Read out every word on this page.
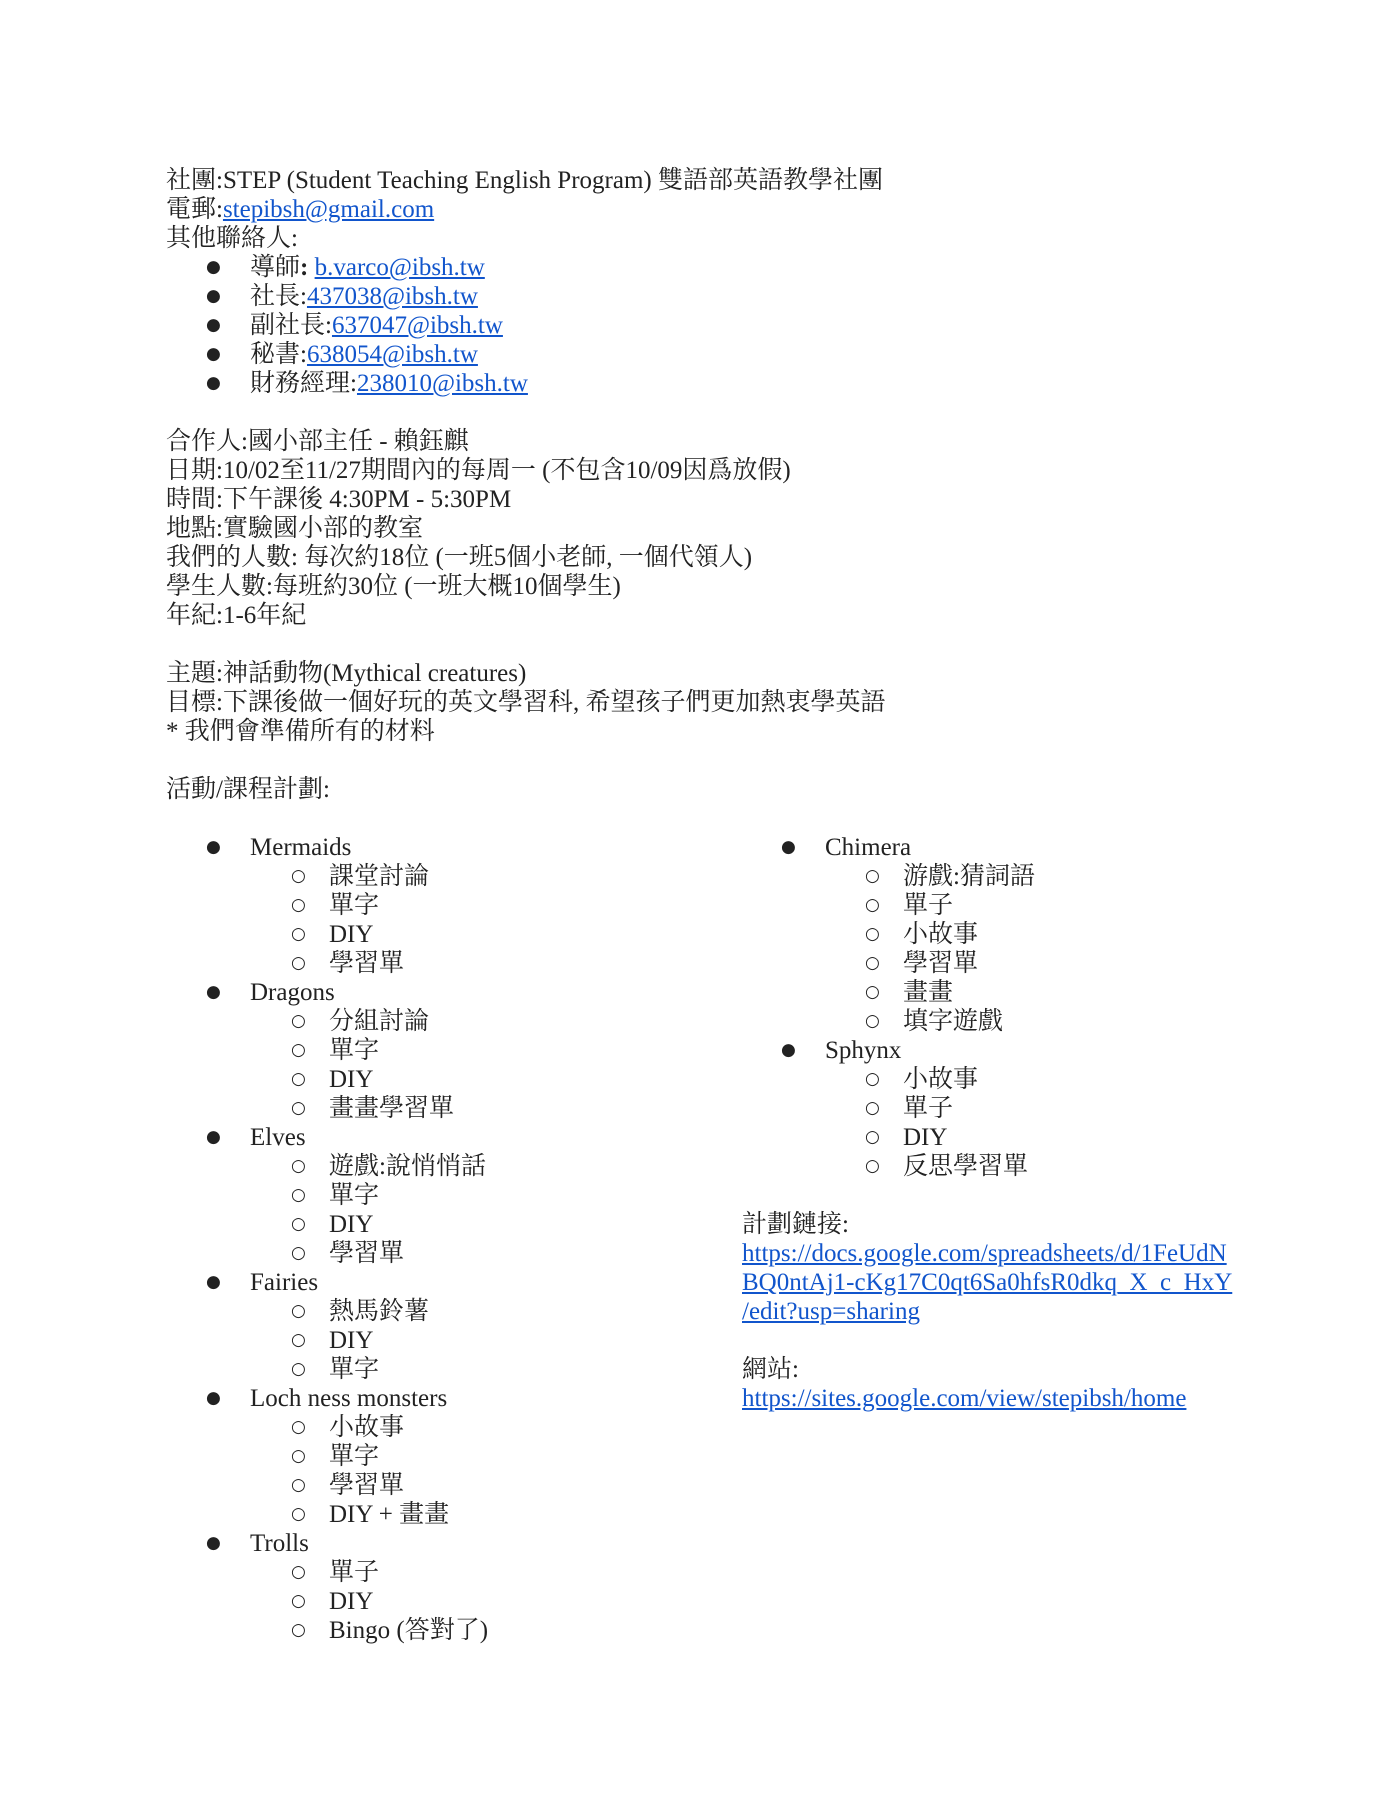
社團:STEP (Student Teaching English Program) 雙語部英語教學社團
電郵:stepibsh@gmail.com
其他聯絡人:
● 導師: b.varco@ibsh.tw
● 社長:437038@ibsh.tw
● 副社長:637047@ibsh.tw
● 秘書:638054@ibsh.tw
● 財務經理:238010@ibsh.tw
合作人:國小部主任 - 賴鈺麒
日期:10/02至11/27期間內的每周一 (不包含10/09因爲放假)
時間:下午課後 4:30PM - 5:30PM
地點:實驗國小部的教室
我們的人數: 每次約18位 (一班5個小老師, 一個代領人)
學生人數:每班約30位 (一班大概10個學生)
年紀:1-6年紀
主題:神話動物(Mythical creatures)
目標:下課後做一個好玩的英文學習科, 希望孩子們更加熱衷學英語
* 我們會準備所有的材料
活動/課程計劃:
● Mermaids
○ 課堂討論
○ 單字
○ DIY
○ 學習單
● Dragons
○ 分組討論
○ 單字
○ DIY
○ 畫畫學習單
● Elves
○ 遊戲:說悄悄話
○ 單字
○ DIY
○ 學習單
● Fairies
○ 熱馬鈴薯
○ DIY
○ 單字
● Loch ness monsters
○ 小故事
○ 單字
○ 學習單
○ DIY + 畫畫
● Trolls
○ 單子
○ DIY
○ Bingo (答對了)
● Chimera
○ 游戲:猜詞語
○ 單子
○ 小故事
○ 學習單
○ 畫畫
○ 填字遊戲
● Sphynx
○ 小故事
○ 單子
○ DIY
○ 反思學習單
計劃鏈接:
https://docs.google.com/spreadsheets/d/1FeUdN
BQ0ntAj1-cKg17C0qt6Sa0hfsR0dkq_X_c_HxY
/edit?usp=sharing
網站:
https://sites.google.com/view/stepibsh/home
